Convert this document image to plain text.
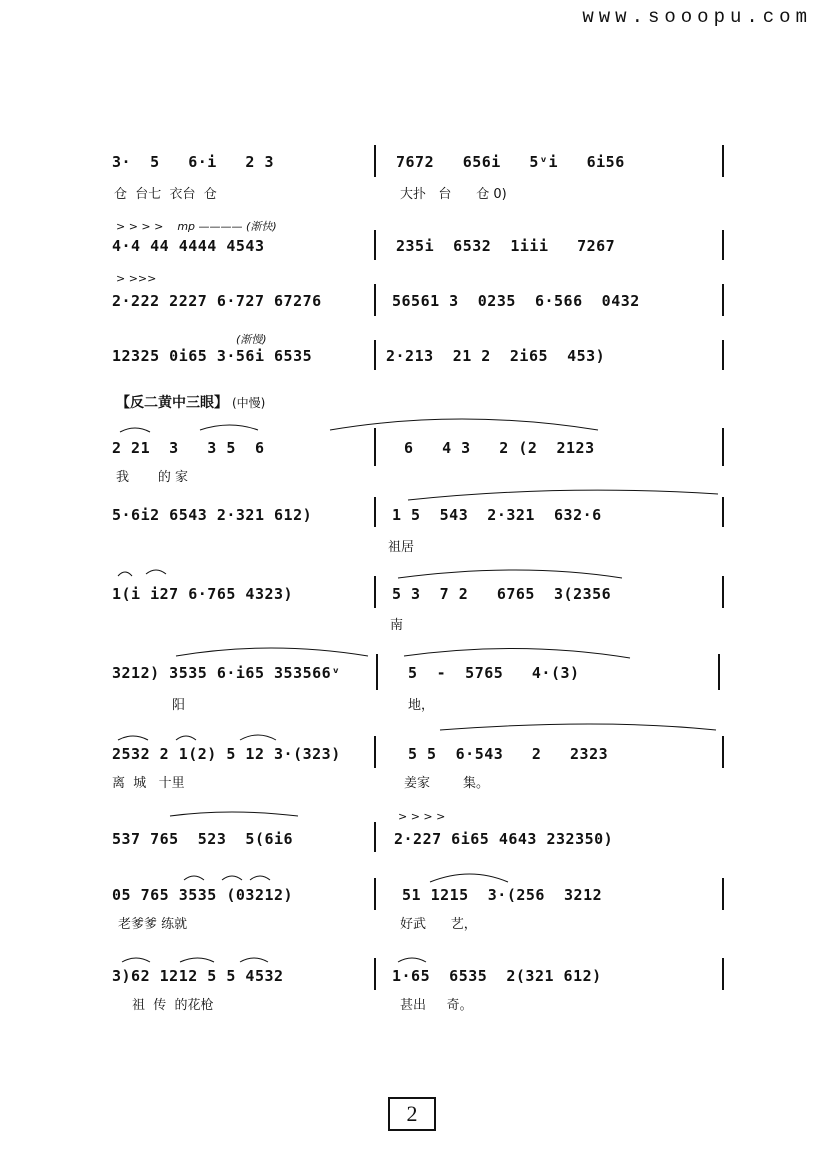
www.sooopu.com
3·  5   6·i   2 3	7672   656i   5ᵛi   6i56
仓  台七  衣台  仓	大扑   台      仓 0)
> > > >    mp ———— (渐快)
4·4 44 4444 4543	235i  6532  1iii   7267
> >>>
2·222 2227 6·727 67276	56561 3  0235  6·566  0432
(渐慢)
12325 0i65 3·56i 6535	2·213  21 2  2i65  453)
【反二黄中三眼】 (中慢)
2 21  3   3 5  6	6   4 3   2 (2  2123
我       的 家
5·6i2 6543 2·321 612)	1 5  543  2·321  632·6
祖居
1(i i27 6·765 4323)	5 3  7 2   6765  3(2356
南
3212) 3535 6·i65 353566ᵛ	5  -  5765   4·(3)
阳	地，
2532 2 1(2) 5 12 3·(323)	5 5  6·543   2   2323
离  城   十里	姜家        集。
> > > >
537 765  523  5(6i6	2·227 6i65 4643 232350)
05 765 3535 (03212)	51 1215  3·(256  3212
老爹爹 练就	好武      艺，
3)62 1212 5 5 4532	1·65  6535  2(321 612)
祖  传  的花枪	甚出     奇。
2
